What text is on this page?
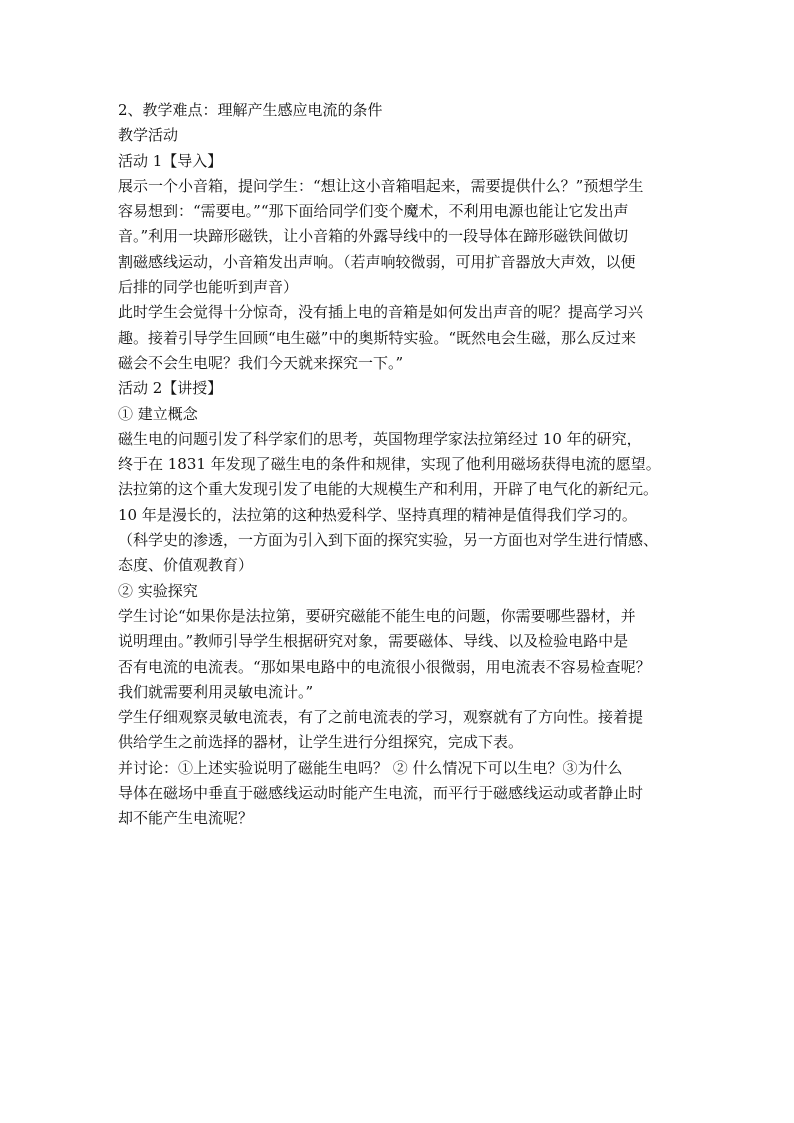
2、教学难点：理解产生感应电流的条件

教学活动

活动 1【导入】

展示一个小音箱，提问学生：“想让这小音箱唱起来，需要提供什么？”预想学生

容易想到：“需要电。”“那下面给同学们变个魔术，不利用电源也能让它发出声

音。”利用一块蹄形磁铁，让小音箱的外露导线中的一段导体在蹄形磁铁间做切

割磁感线运动，小音箱发出声响。（若声响较微弱，可用扩音器放大声效，以便

后排的同学也能听到声音）

此时学生会觉得十分惊奇，没有插上电的音箱是如何发出声音的呢？提高学习兴

趣。接着引导学生回顾“电生磁”中的奥斯特实验。“既然电会生磁，那么反过来

磁会不会生电呢？我们今天就来探究一下。”

活动 2【讲授】

① 建立概念

磁生电的问题引发了科学家们的思考，英国物理学家法拉第经过 10 年的研究，

终于在 1831 年发现了磁生电的条件和规律，实现了他利用磁场获得电流的愿望。

法拉第的这个重大发现引发了电能的大规模生产和利用，开辟了电气化的新纪元。

10 年是漫长的，法拉第的这种热爱科学、坚持真理的精神是值得我们学习的。

（科学史的渗透，一方面为引入到下面的探究实验，另一方面也对学生进行情感、

态度、价值观教育）

② 实验探究

学生讨论“如果你是法拉第，要研究磁能不能生电的问题，你需要哪些器材，并

说明理由。”教师引导学生根据研究对象，需要磁体、导线、以及检验电路中是

否有电流的电流表。“那如果电路中的电流很小很微弱，用电流表不容易检查呢？

我们就需要利用灵敏电流计。”

学生仔细观察灵敏电流表，有了之前电流表的学习，观察就有了方向性。接着提

供给学生之前选择的器材，让学生进行分组探究，完成下表。

并讨论：①上述实验说明了磁能生电吗？ ② 什么情况下可以生电？③为什么

导体在磁场中垂直于磁感线运动时能产生电流，而平行于磁感线运动或者静止时

却不能产生电流呢？
